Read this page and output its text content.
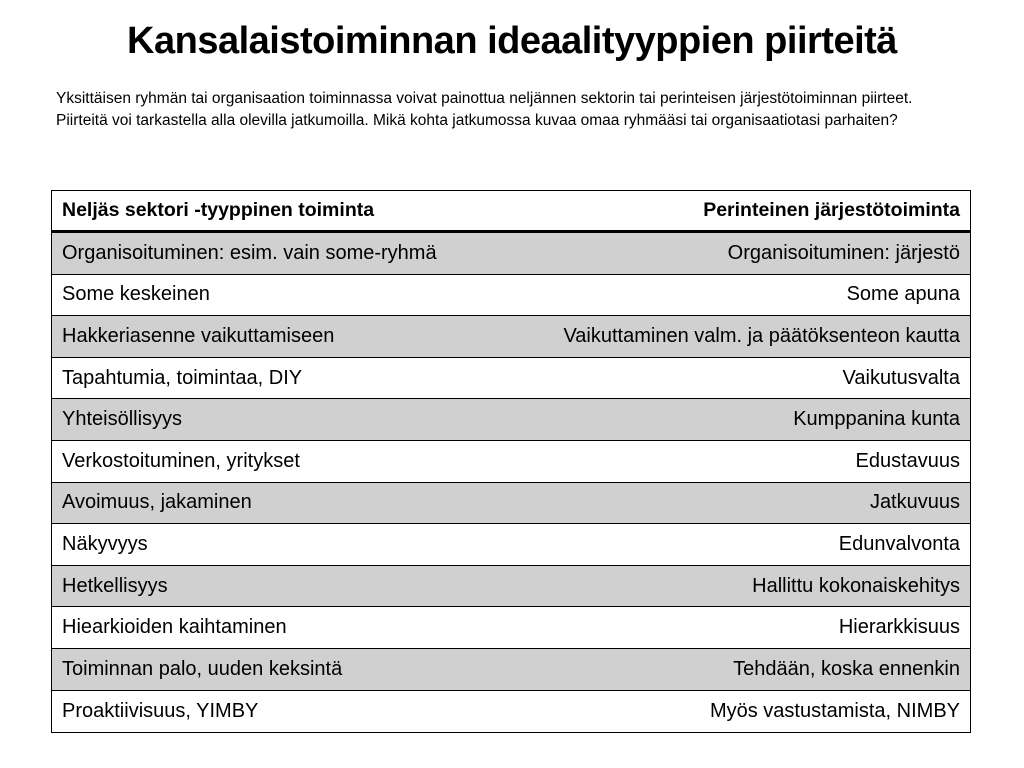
Kansalaistoiminnan ideaalityyppien piirteitä
Yksittäisen ryhmän tai organisaation toiminnassa voivat painottua neljännen sektorin tai perinteisen järjestötoiminnan piirteet. Piirteitä voi tarkastella alla olevilla jatkumoilla. Mikä kohta jatkumossa kuvaa omaa ryhmääsi tai organisaatiotasi parhaiten?
Neljäs sektori -tyyppinen toiminta	Perinteinen järjestötoiminta
Organisoituminen: esim. vain some-ryhmä	Organisoituminen: järjestö
Some keskeinen	Some apuna
Hakkeriasenne vaikuttamiseen	Vaikuttaminen valm. ja päätöksenteon kautta
Tapahtumia, toimintaa, DIY	Vaikutusvalta
Yhteisöllisyys	Kumppanina kunta
Verkostoituminen, yritykset	Edustavuus
Avoimuus, jakaminen	Jatkuvuus
Näkyvyys	Edunvalvonta
Hetkellisyys	Hallittu kokonaiskehitys
Hiearkioiden kaihtaminen	Hierarkkisuus
Toiminnan palo, uuden keksintä	Tehdään, koska ennenkin
Proaktiivisuus, YIMBY	Myös vastustamista, NIMBY
